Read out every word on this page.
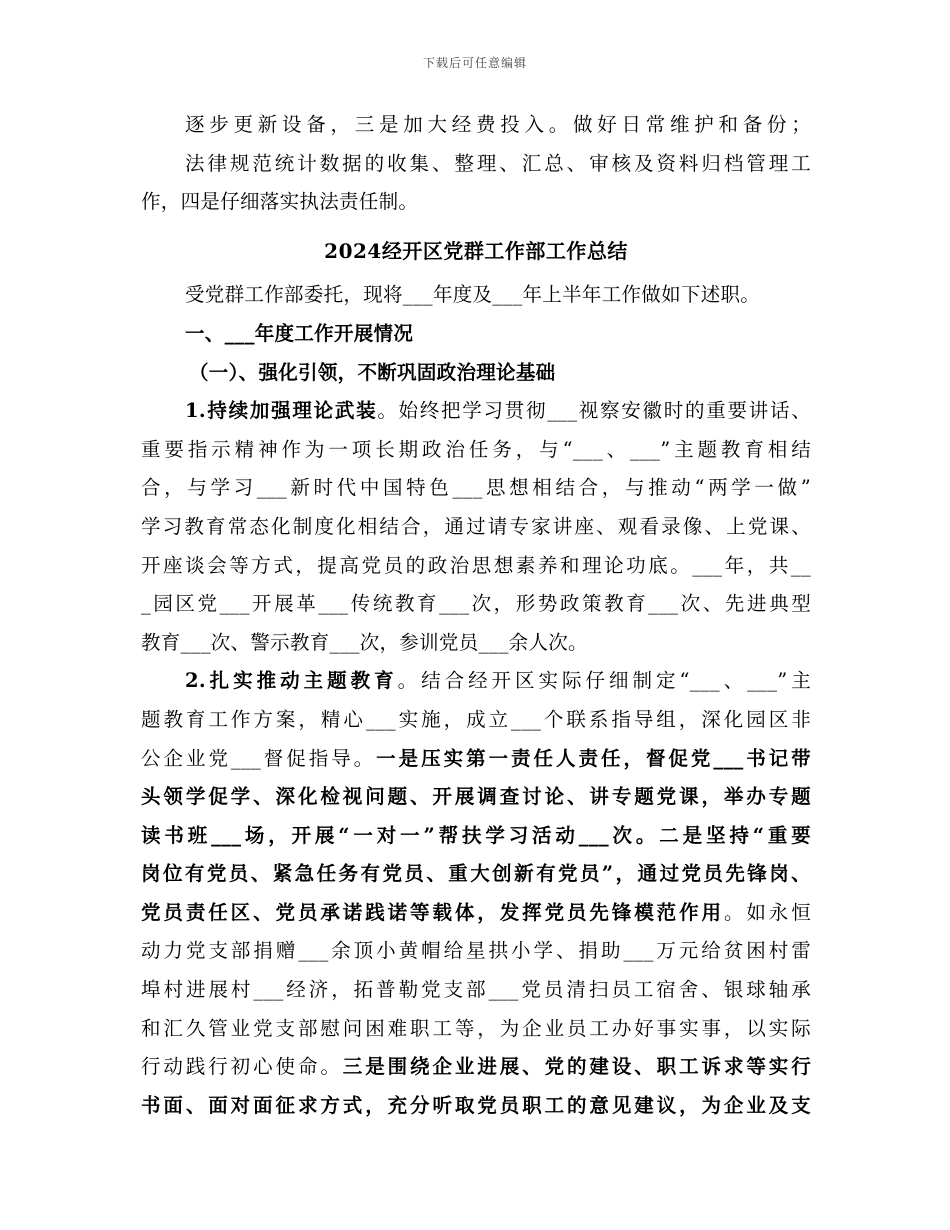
下载后可任意编辑

逐步更新设备，三是加大经费投入。做好日常维护和备份；

法律规范统计数据的收集、整理、汇总、审核及资料归档管理工

作，四是仔细落实执法责任制。

2024经开区党群工作部工作总结

受党群工作部委托，现将___年度及___年上半年工作做如下述职。

一、___年度工作开展情况

（一）、强化引领，不断巩固政治理论基础

1.持续加强理论武装。始终把学习贯彻___视察安徽时的重要讲话、

重要指示精神作为一项长期政治任务，与“___、___”主题教育相结

合，与学习___新时代中国特色___思想相结合，与推动“两学一做”

学习教育常态化制度化相结合，通过请专家讲座、观看录像、上党课、

开座谈会等方式，提高党员的政治思想素养和理论功底。___年，共__

_园区党___开展革___传统教育___次，形势政策教育___次、先进典型

教育___次、警示教育___次，参训党员___余人次。

2.扎实推动主题教育。结合经开区实际仔细制定“___、___”主

题教育工作方案，精心___实施，成立___个联系指导组，深化园区非

公企业党___督促指导。一是压实第一责任人责任，督促党___书记带

头领学促学、深化检视问题、开展调查讨论、讲专题党课，举办专题

读书班___场，开展“一对一”帮扶学习活动___次。二是坚持“重要

岗位有党员、紧急任务有党员、重大创新有党员”，通过党员先锋岗、

党员责任区、党员承诺践诺等载体，发挥党员先锋模范作用。如永恒

动力党支部捐赠___余顶小黄帽给星拱小学、捐助___万元给贫困村雷

埠村进展村___经济，拓普勒党支部___党员清扫员工宿舍、银球轴承

和汇久管业党支部慰问困难职工等，为企业员工办好事实事，以实际

行动践行初心使命。三是围绕企业进展、党的建设、职工诉求等实行

书面、面对面征求方式，充分听取党员职工的意见建议，为企业及支
